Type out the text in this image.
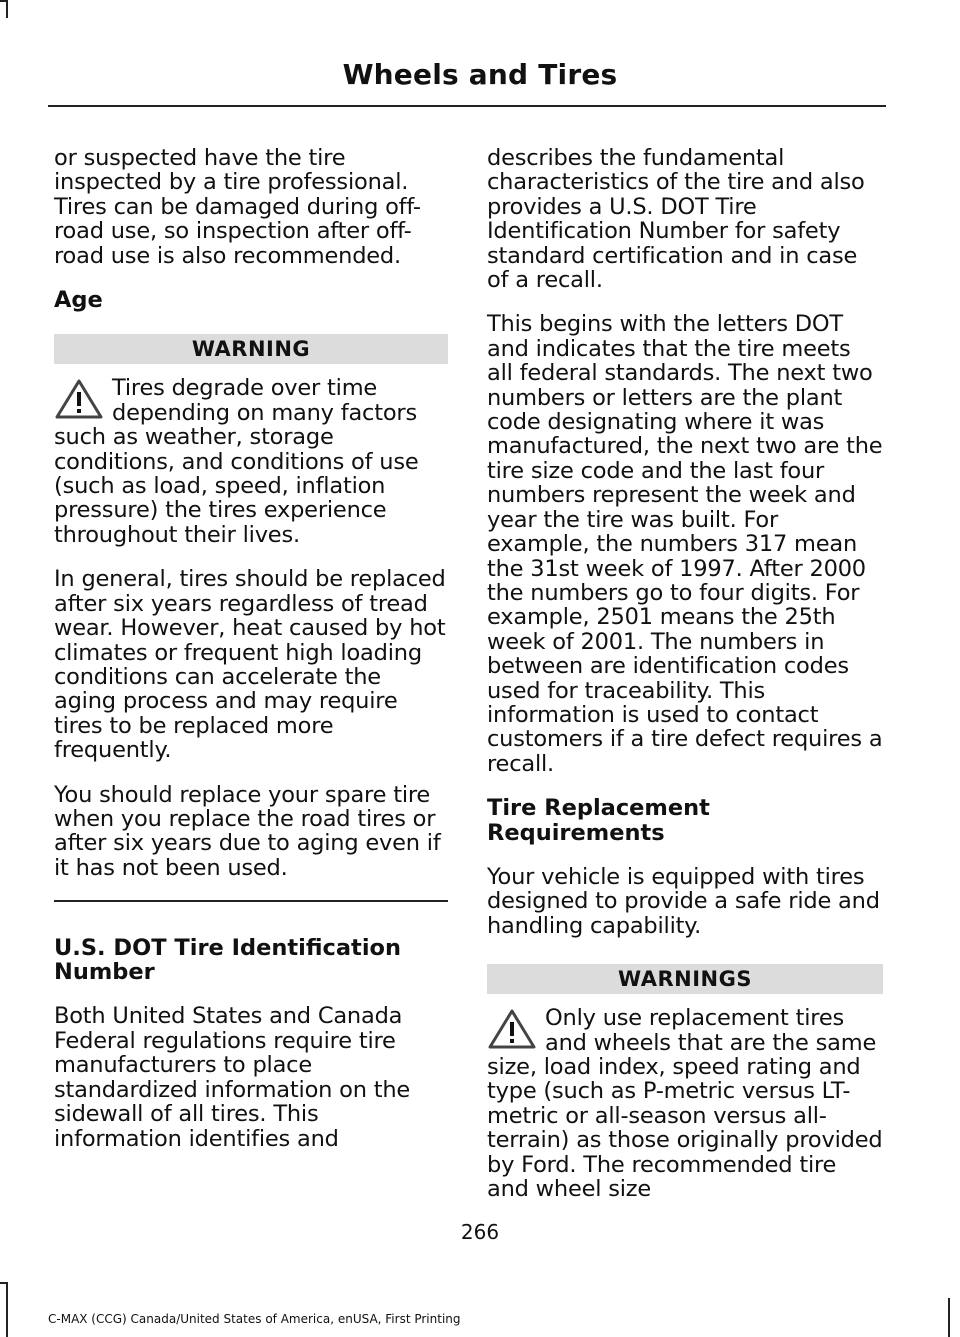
Wheels and Tires

or suspected have the tire inspected by a tire professional. Tires can be damaged during off-road use, so inspection after off-road use is also recommended.

Age
WARNING

Tires degrade over time depending on many factors such as weather, storage conditions, and conditions of use (such as load, speed, inflation pressure) the tires experience throughout their lives.

In general, tires should be replaced after six years regardless of tread wear. However, heat caused by hot climates or frequent high loading conditions can accelerate the aging process and may require tires to be replaced more frequently.

You should replace your spare tire when you replace the road tires or after six years due to aging even if it has not been used.

U.S. DOT Tire Identification Number

Both United States and Canada Federal regulations require tire manufacturers to place standardized information on the sidewall of all tires. This information identifies and

describes the fundamental characteristics of the tire and also provides a U.S. DOT Tire Identification Number for safety standard certification and in case of a recall.

This begins with the letters DOT and indicates that the tire meets all federal standards. The next two numbers or letters are the plant code designating where it was manufactured, the next two are the tire size code and the last four numbers represent the week and year the tire was built. For example, the numbers 317 mean the 31st week of 1997. After 2000 the numbers go to four digits. For example, 2501 means the 25th week of 2001. The numbers in between are identification codes used for traceability. This information is used to contact customers if a tire defect requires a recall.

Tire Replacement Requirements

Your vehicle is equipped with tires designed to provide a safe ride and handling capability.

WARNINGS

Only use replacement tires and wheels that are the same size, load index, speed rating and type (such as P-metric versus LT-metric or all-season versus all-terrain) as those originally provided by Ford. The recommended tire and wheel size

266
C-MAX (CCG) Canada/United States of America, enUSA, First Printing
